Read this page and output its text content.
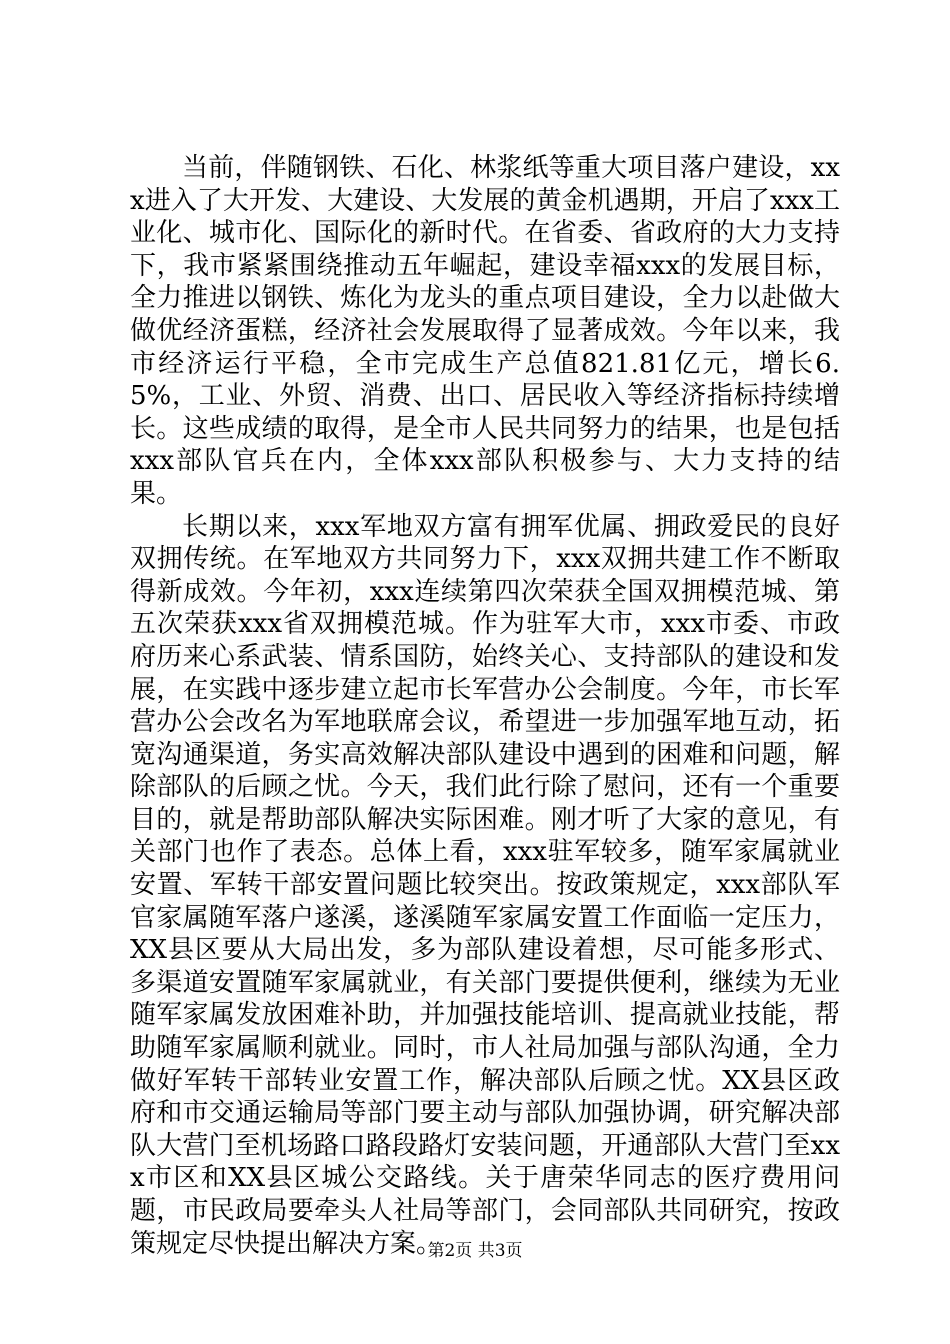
当前，伴随钢铁、石化、林浆纸等重大项目落户建设，xxx进入了大开发、大建设、大发展的黄金机遇期，开启了xxx工业化、城市化、国际化的新时代。在省委、省政府的大力支持下，我市紧紧围绕推动五年崛起，建设幸福xxx的发展目标，全力推进以钢铁、炼化为龙头的重点项目建设，全力以赴做大做优经济蛋糕，经济社会发展取得了显著成效。今年以来，我市经济运行平稳，全市完成生产总值821.81亿元，增长6.5%，工业、外贸、消费、出口、居民收入等经济指标持续增长。这些成绩的取得，是全市人民共同努力的结果，也是包括xxx部队官兵在内，全体xxx部队积极参与、大力支持的结果。

长期以来，xxx军地双方富有拥军优属、拥政爱民的良好双拥传统。在军地双方共同努力下，xxx双拥共建工作不断取得新成效。今年初，xxx连续第四次荣获全国双拥模范城、第五次荣获xxx省双拥模范城。作为驻军大市，xxx市委、市政府历来心系武装、情系国防，始终关心、支持部队的建设和发展，在实践中逐步建立起市长军营办公会制度。今年，市长军营办公会改名为军地联席会议，希望进一步加强军地互动，拓宽沟通渠道，务实高效解决部队建设中遇到的困难和问题，解除部队的后顾之忧。今天，我们此行除了慰问，还有一个重要目的，就是帮助部队解决实际困难。刚才听了大家的意见，有关部门也作了表态。总体上看，xxx驻军较多，随军家属就业安置、军转干部安置问题比较突出。按政策规定，xxx部队军官家属随军落户遂溪，遂溪随军家属安置工作面临一定压力，XX县区要从大局出发，多为部队建设着想，尽可能多形式、多渠道安置随军家属就业，有关部门要提供便利，继续为无业随军家属发放困难补助，并加强技能培训、提高就业技能，帮助随军家属顺利就业。同时，市人社局加强与部队沟通，全力做好军转干部转业安置工作，解决部队后顾之忧。XX县区政府和市交通运输局等部门要主动与部队加强协调，研究解决部队大营门至机场路口路段路灯安装问题，开通部队大营门至xxx市区和XX县区城公交路线。关于唐荣华同志的医疗费用问题，市民政局要牵头人社局等部门，会同部队共同研究，按政策规定尽快提出解决方案。

第2页 共3页
